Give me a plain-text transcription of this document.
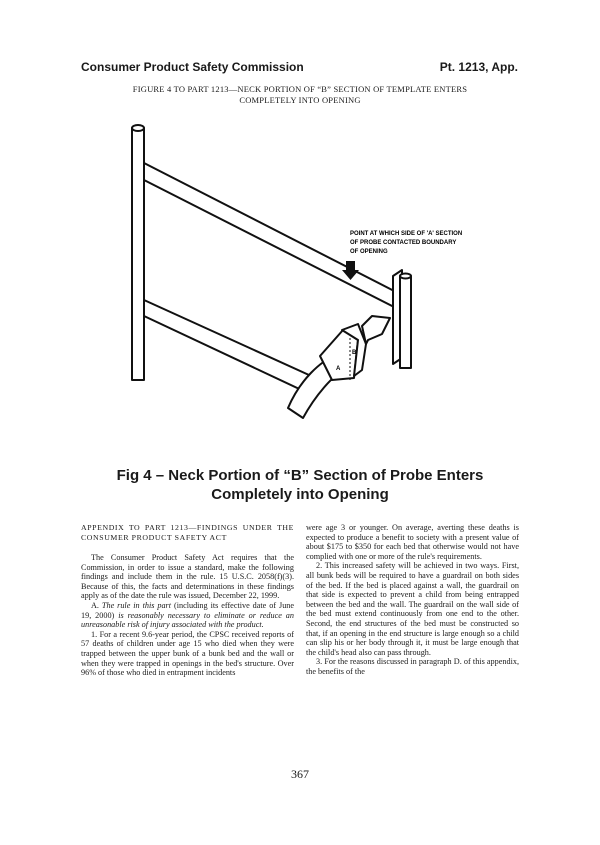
Consumer Product Safety Commission	Pt. 1213, App.
FIGURE 4 TO PART 1213—NECK PORTION OF “B” SECTION OF TEMPLATE ENTERS
COMPLETELY INTO OPENING
A
B
POINT AT WHICH SIDE OF 'A' SECTION
OF PROBE CONTACTED BOUNDARY
OF OPENING
Fig 4 – Neck Portion of “B” Section of Probe Enters
Completely into Opening

APPENDIX TO PART 1213—FINDINGS UNDER THE CONSUMER PRODUCT SAFETY ACT

The Consumer Product Safety Act requires that the Commission, in order to issue a standard, make the following findings and include them in the rule. 15 U.S.C. 2058(f)(3). Because of this, the facts and determinations in these findings apply as of the date the rule was issued, December 22, 1999.

A. The rule in this part (including its effective date of June 19, 2000) is reasonably necessary to eliminate or reduce an unreasonable risk of injury associated with the product.

1. For a recent 9.6-year period, the CPSC received reports of 57 deaths of children under age 15 who died when they were trapped between the upper bunk of a bunk bed and the wall or when they were trapped in openings in the bed's structure. Over 96% of those who died in entrapment incidents

were age 3 or younger. On average, averting these deaths is expected to produce a benefit to society with a present value of about $175 to $350 for each bed that otherwise would not have complied with one or more of the rule's requirements.

2. This increased safety will be achieved in two ways. First, all bunk beds will be required to have a guardrail on both sides of the bed. If the bed is placed against a wall, the guardrail on that side is expected to prevent a child from being entrapped between the bed and the wall. The guardrail on the wall side of the bed must extend continuously from one end to the other. Second, the end structures of the bed must be constructed so that, if an opening in the end structure is large enough so a child can slip his or her body through it, it must be large enough that the child's head also can pass through.

3. For the reasons discussed in paragraph D. of this appendix, the benefits of the

367
